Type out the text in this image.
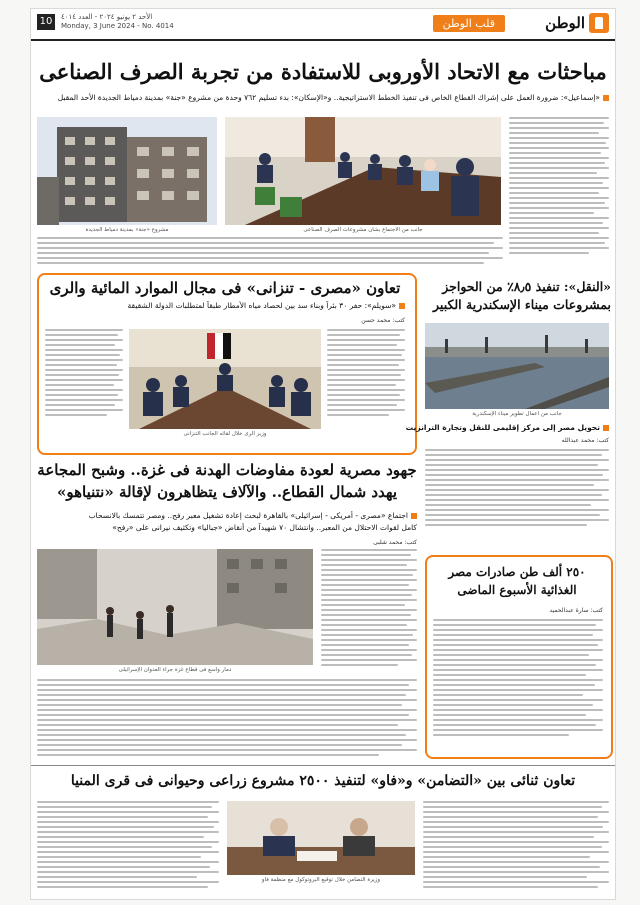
10	الأحد ٢ يونيو ٢٠٢٤ - العدد ٤٠١٤
Monday, 3 June 2024 - No. 4014	قلب الوطن	الوطن
مباحثات مع الاتحاد الأوروبى للاستفادة من تجربة الصرف الصناعى
«إسماعيل»: ضرورة العمل على إشراك القطاع الخاص فى تنفيذ الخطط الاستراتيجية.. و«الإسكان»: بدء تسليم ٧٦٢ وحدة من مشروع «جنة» بمدينة دمياط الجديدة الأحد المقبل
مشروع «جنة» بمدينة دمياط الجديدة	جانب من الاجتماع بشأن مشروعات الصرف الصناعى
تعاون «مصرى - تنزانى» فى مجال الموارد المائية والرى
«سويلم»: حفر ٣٠ بئراً وبناء سد بين لحصاد مياه الأمطار طبقاً لمتطلبات الدولة الشقيقة
كتب: محمد حسن
وزير الرى خلال لقائه الجانب التنزانى
«النقل»: تنفيذ ٨٫٥٪ من الحواجز
بمشروعات ميناء الإسكندرية الكبير
جانب من أعمال تطوير ميناء الإسكندرية
تحويل مصر إلى مركز إقليمى للنقل وتجارة الترانزيت
كتب: محمد عبدالله
جهود مصرية لعودة مفاوضات الهدنة فى غزة.. وشبح المجاعة
يهدد شمال القطاع.. والآلاف يتظاهرون لإقالة «نتنياهو»
اجتماع «مصرى - أمريكى - إسرائيلى» بالقاهرة لبحث إعادة تشغيل معبر رفح.. ومصر تتمسك بالانسحاب
كامل لقوات الاحتلال من المعبر.. وانتشال ٧٠ شهيداً من أنقاض «جباليا» وتكثيف نيرانى على «رفح»
كتب: محمد شلبى
دمار واسع فى قطاع غزة جراء العدوان الإسرائيلى
٢٥٠ ألف طن صادرات مصر
الغذائية الأسبوع الماضى
كتب: سارة عبدالحميد
تعاون ثنائى بين «التضامن» و«فاو» لتنفيذ ٢٥٠٠ مشروع زراعى وحيوانى فى قرى المنيا
وزيرة التضامن خلال توقيع البروتوكول مع منظمة فاو
